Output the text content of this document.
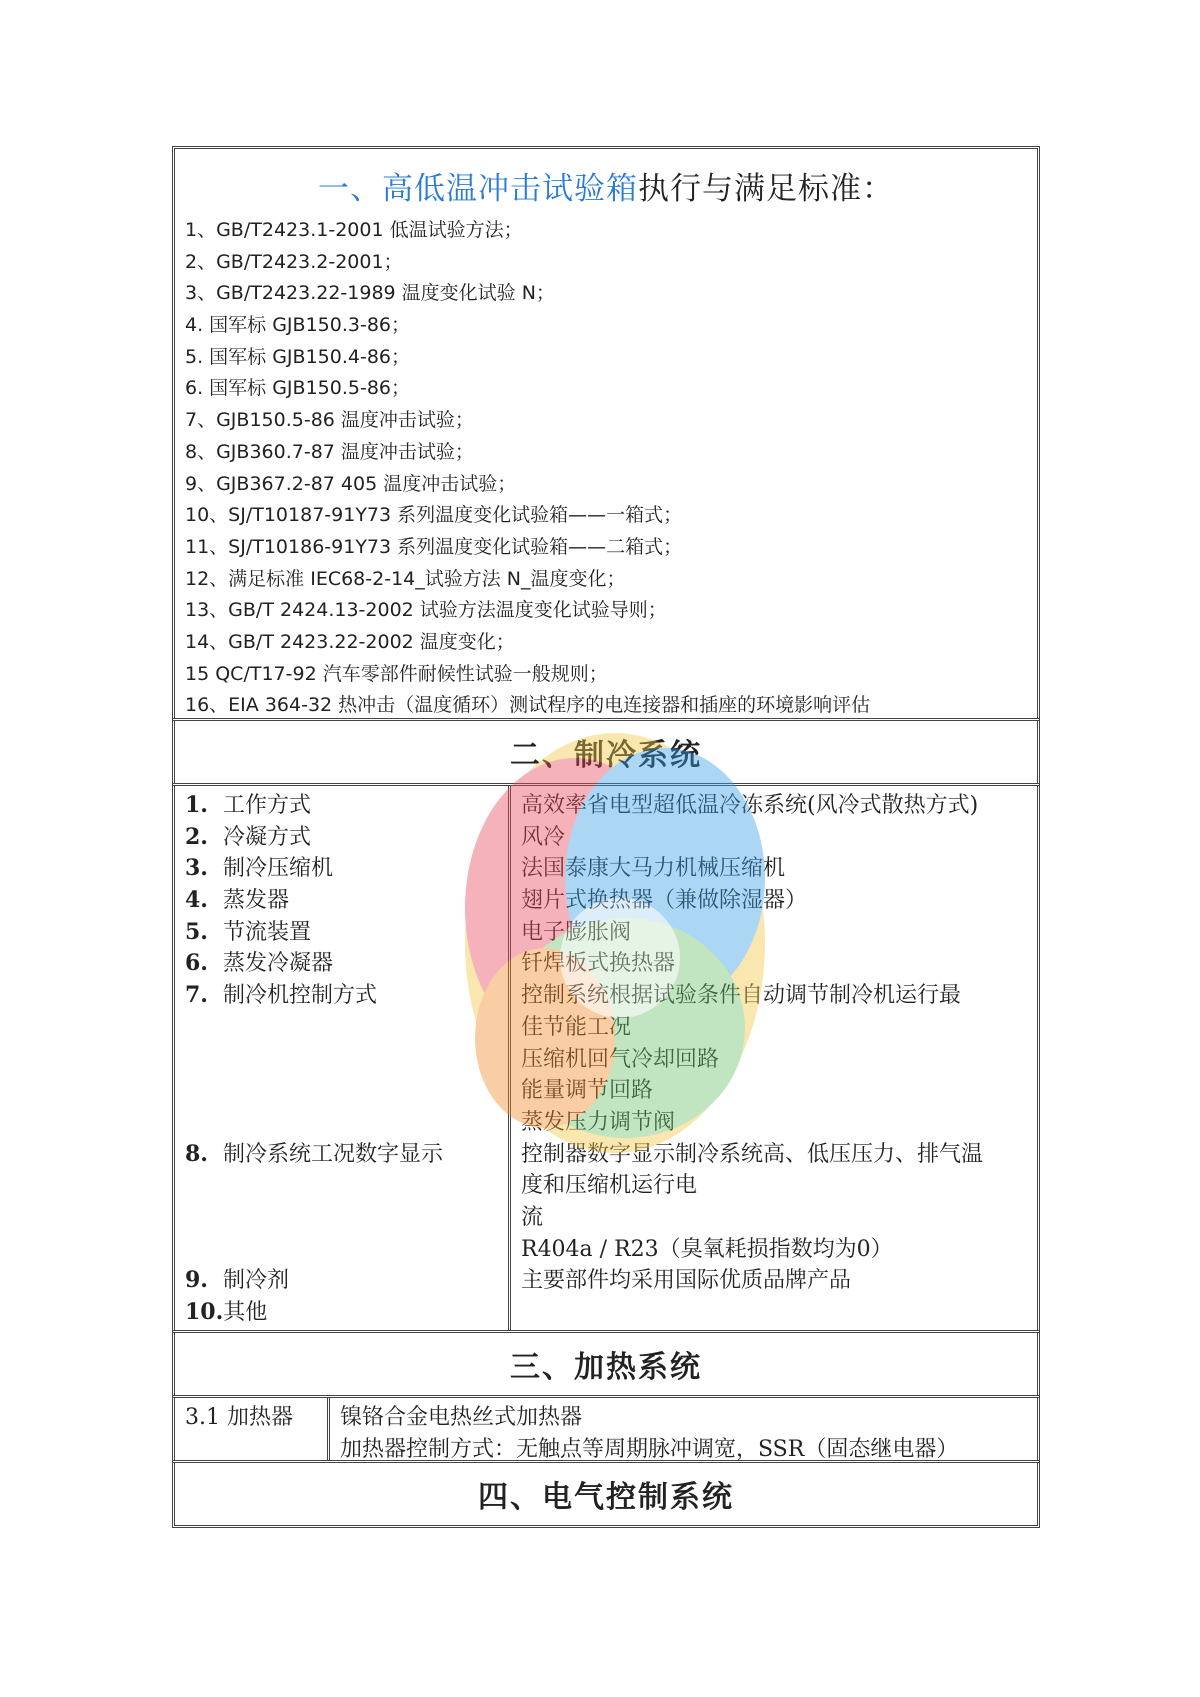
一、高低温冲击试验箱执行与满足标准：
1、GB/T2423.1-2001 低温试验方法；
2、GB/T2423.2-2001；
3、GB/T2423.22-1989 温度变化试验 N；
4. 国军标 GJB150.3-86；
5. 国军标 GJB150.4-86；
6. 国军标 GJB150.5-86；
7、GJB150.5-86 温度冲击试验；
8、GJB360.7-87 温度冲击试验；
9、GJB367.2-87 405 温度冲击试验；
10、SJ/T10187-91Y73 系列温度变化试验箱——一箱式；
11、SJ/T10186-91Y73 系列温度变化试验箱——二箱式；
12、满足标准 IEC68-2-14_试验方法 N_温度变化；
13、GB/T 2424.13-2002 试验方法温度变化试验导则；
14、GB/T 2423.22-2002 温度变化；
15 QC/T17-92 汽车零部件耐候性试验一般规则；
16、EIA 364-32 热冲击（温度循环）测试程序的电连接器和插座的环境影响评估
二、制冷系统
1. 工作方式
2. 冷凝方式
3. 制冷压缩机
4. 蒸发器
5. 节流装置
6. 蒸发冷凝器
7. 制冷机控制方式
8. 制冷系统工况数字显示
9. 制冷剂
10.其他
高效率省电型超低温冷冻系统(风冷式散热方式)
风冷
法国泰康大马力机械压缩机
翅片式换热器（兼做除湿器）
电子膨胀阀
钎焊板式换热器
控制系统根据试验条件自动调节制冷机运行最
佳节能工况
压缩机回气冷却回路
能量调节回路
蒸发压力调节阀
控制器数字显示制冷系统高、低压压力、排气温
度和压缩机运行电
流
R404a / R23（臭氧耗损指数均为0）
主要部件均采用国际优质品牌产品
三、加热系统
3.1 加热器	镍铬合金电热丝式加热器
加热器控制方式：无触点等周期脉冲调宽，SSR（固态继电器）
四、电气控制系统
